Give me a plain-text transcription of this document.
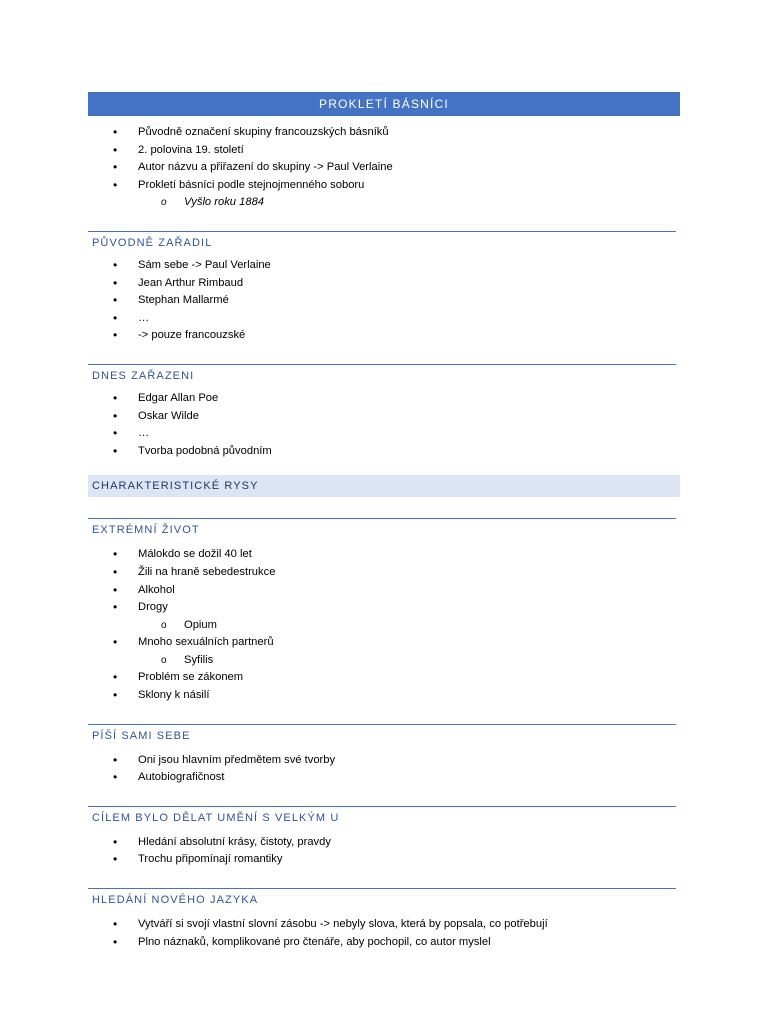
PROKLETÍ BÁSNÍCI
• Původně označení skupiny francouzských básníků
• 2. polovina 19. století
• Autor názvu a přiřazení do skupiny -> Paul Verlaine
• Prokletí básníci podle stejnojmenného soboru
o Vyšlo roku 1884
PŮVODNĚ ZAŘADIL
• Sám sebe -> Paul Verlaine
• Jean Arthur Rimbaud
• Stephan Mallarmé
• …
• -> pouze francouzské
DNES ZAŘAZENI
• Edgar Allan Poe
• Oskar Wilde
• …
• Tvorba podobná původním
CHARAKTERISTICKÉ RYSY
EXTRÉMNÍ ŽIVOT
• Málokdo se dožil 40 let
• Žili na hraně sebedestrukce
• Alkohol
• Drogy
o Opium
• Mnoho sexuálních partnerů
o Syfilis
• Problém se zákonem
• Sklony k násilí
PÍŠÍ SAMI SEBE
• Oni jsou hlavním předmětem své tvorby
• Autobiografičnost
CÍLEM BYLO DĚLAT UMĚNÍ S VELKÝM U
• Hledání absolutní krásy, čistoty, pravdy
• Trochu připomínají romantiky
HLEDÁNÍ NOVÉHO JAZYKA
• Vytváří si svojí vlastní slovní zásobu -> nebyly slova, která by popsala, co potřebují
• Plno náznaků, komplikované pro čtenáře, aby pochopil, co autor myslel
